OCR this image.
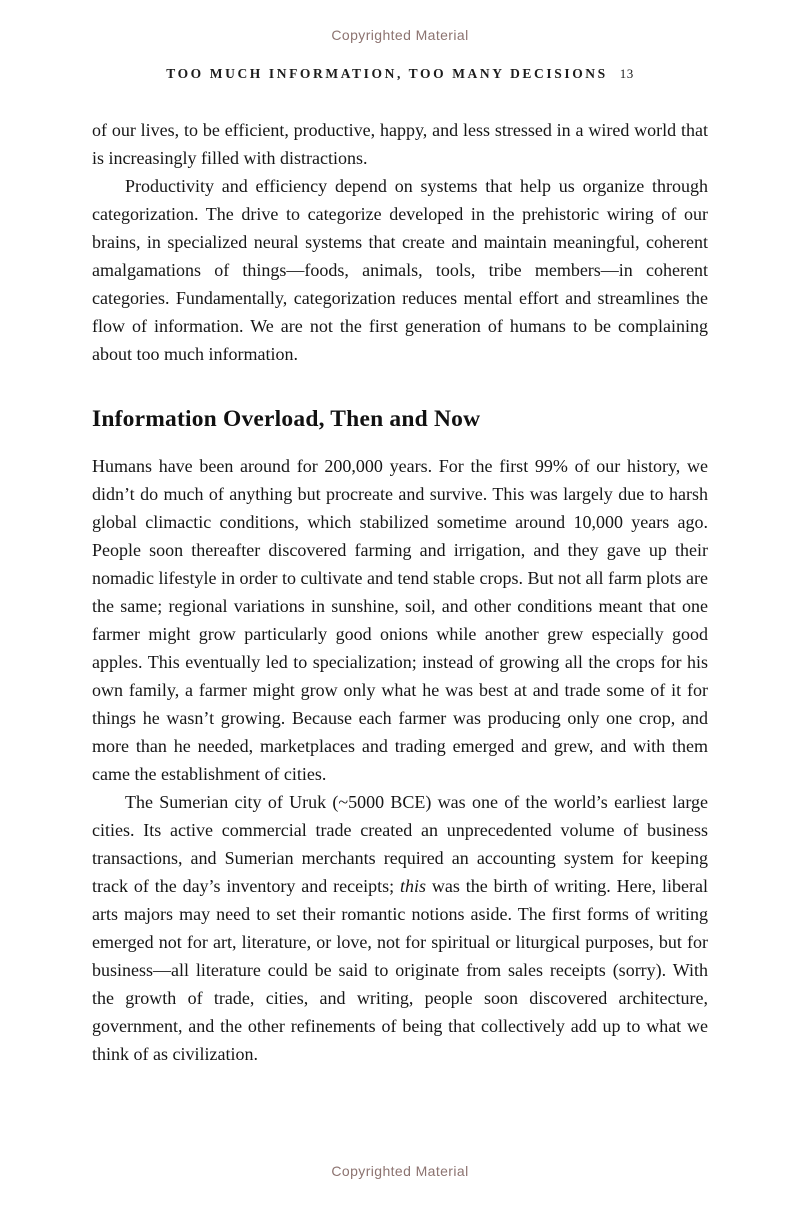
Copyrighted Material
TOO MUCH INFORMATION, TOO MANY DECISIONS 13

of our lives, to be efficient, productive, happy, and less stressed in a wired world that is increasingly filled with distractions.

Productivity and efficiency depend on systems that help us organize through categorization. The drive to categorize developed in the prehistoric wiring of our brains, in specialized neural systems that create and maintain meaningful, coherent amalgamations of things—foods, animals, tools, tribe members—in coherent categories. Fundamentally, categorization reduces mental effort and streamlines the flow of information. We are not the first generation of humans to be complaining about too much information.

Information Overload, Then and Now

Humans have been around for 200,000 years. For the first 99% of our history, we didn’t do much of anything but procreate and survive. This was largely due to harsh global climactic conditions, which stabilized sometime around 10,000 years ago. People soon thereafter discovered farming and irrigation, and they gave up their nomadic lifestyle in order to cultivate and tend stable crops. But not all farm plots are the same; regional variations in sunshine, soil, and other conditions meant that one farmer might grow particularly good onions while another grew especially good apples. This eventually led to specialization; instead of growing all the crops for his own family, a farmer might grow only what he was best at and trade some of it for things he wasn’t growing. Because each farmer was producing only one crop, and more than he needed, marketplaces and trading emerged and grew, and with them came the establishment of cities.

The Sumerian city of Uruk (~5000 BCE) was one of the world’s earliest large cities. Its active commercial trade created an unprecedented volume of business transactions, and Sumerian merchants required an accounting system for keeping track of the day’s inventory and receipts; this was the birth of writing. Here, liberal arts majors may need to set their romantic notions aside. The first forms of writing emerged not for art, literature, or love, not for spiritual or liturgical purposes, but for business—all literature could be said to originate from sales receipts (sorry). With the growth of trade, cities, and writing, people soon discovered architecture, government, and the other refinements of being that collectively add up to what we think of as civilization.

Copyrighted Material
